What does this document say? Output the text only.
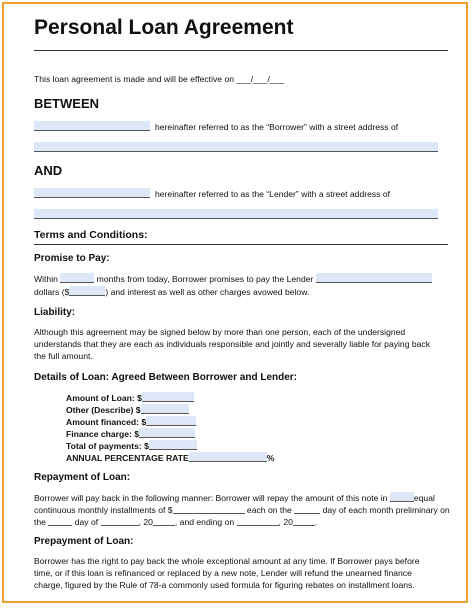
Personal Loan Agreement
This loan agreement is made and will be effective on ___/___/___
BETWEEN
hereinafter referred to as the “Borrower” with a street address of
AND
hereinafter referred to as the “Lender” with a street address of
Terms and Conditions:
Promise to Pay:
Within	months from today, Borrower promises to pay the Lender
dollars ($	) and interest as well as other charges avowed below.
Liability:
Although this agreement may be signed below by more than one person, each of the undersigned
understands that they are each as individuals responsible and jointly and severally liable for paying back
the full amount.
Details of Loan: Agreed Between Borrower and Lender:
Amount of Loan: $
Other (Describe) $
Amount financed: $
Finance charge: $
Total of payments: $
ANNUAL PERCENTAGE RATE	%
Repayment of Loan:
Borrower will pay back in the following manner: Borrower will repay the amount of this note in	equal
continuous monthly installments of $	each on the	day of each month preliminary on
the	day of	, 20	, and ending on	, 20	.
Prepayment of Loan:
Borrower has the right to pay back the whole exceptional amount at any time. If Borrower pays before
time, or if this loan is refinanced or replaced by a new note, Lender will refund the unearned finance
charge, figured by the Rule of 78-a commonly used formula for figuring rebates on installment loans.
